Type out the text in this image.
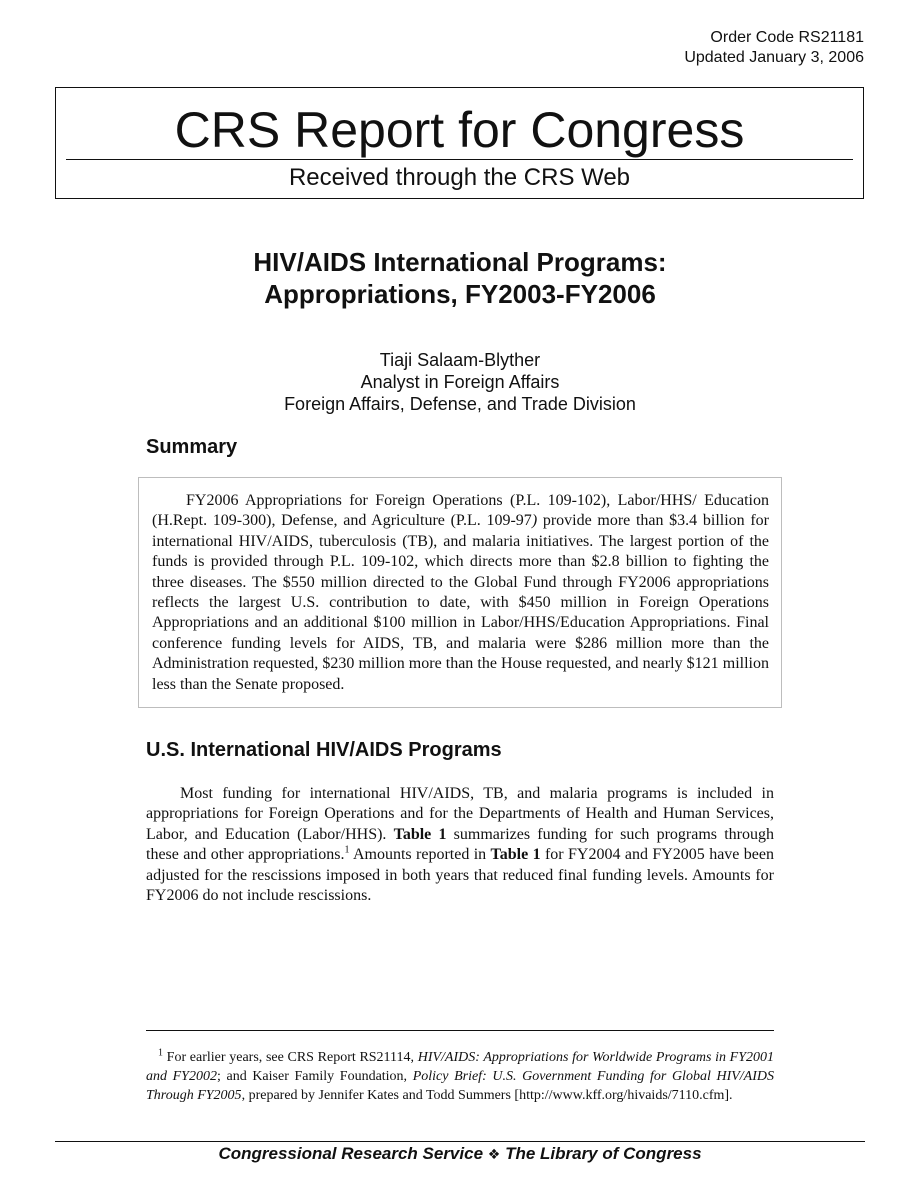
Order Code RS21181
Updated January 3, 2006
CRS Report for Congress
Received through the CRS Web
HIV/AIDS International Programs:
Appropriations, FY2003-FY2006
Tiaji Salaam-Blyther
Analyst in Foreign Affairs
Foreign Affairs, Defense, and Trade Division
Summary

FY2006 Appropriations for Foreign Operations (P.L. 109-102), Labor/HHS/ Education (H.Rept. 109-300), Defense, and Agriculture (P.L. 109-97) provide more than $3.4 billion for international HIV/AIDS, tuberculosis (TB), and malaria initiatives. The largest portion of the funds is provided through P.L. 109-102, which directs more than $2.8 billion to fighting the three diseases. The $550 million directed to the Global Fund through FY2006 appropriations reflects the largest U.S. contribution to date, with $450 million in Foreign Operations Appropriations and an additional $100 million in Labor/HHS/Education Appropriations. Final conference funding levels for AIDS, TB, and malaria were $286 million more than the Administration requested, $230 million more than the House requested, and nearly $121 million less than the Senate proposed.

U.S. International HIV/AIDS Programs

Most funding for international HIV/AIDS, TB, and malaria programs is included in appropriations for Foreign Operations and for the Departments of Health and Human Services, Labor, and Education (Labor/HHS). Table 1 summarizes funding for such programs through these and other appropriations.$^1$ Amounts reported in Table 1 for FY2004 and FY2005 have been adjusted for the rescissions imposed in both years that reduced final funding levels. Amounts for FY2006 do not include rescissions.

$^1$ For earlier years, see CRS Report RS21114, HIV/AIDS: Appropriations for Worldwide Programs in FY2001 and FY2002; and Kaiser Family Foundation, Policy Brief: U.S. Government Funding for Global HIV/AIDS Through FY2005, prepared by Jennifer Kates and Todd Summers [http://www.kff.org/hivaids/7110.cfm].

Congressional Research Service ❖ The Library of Congress
